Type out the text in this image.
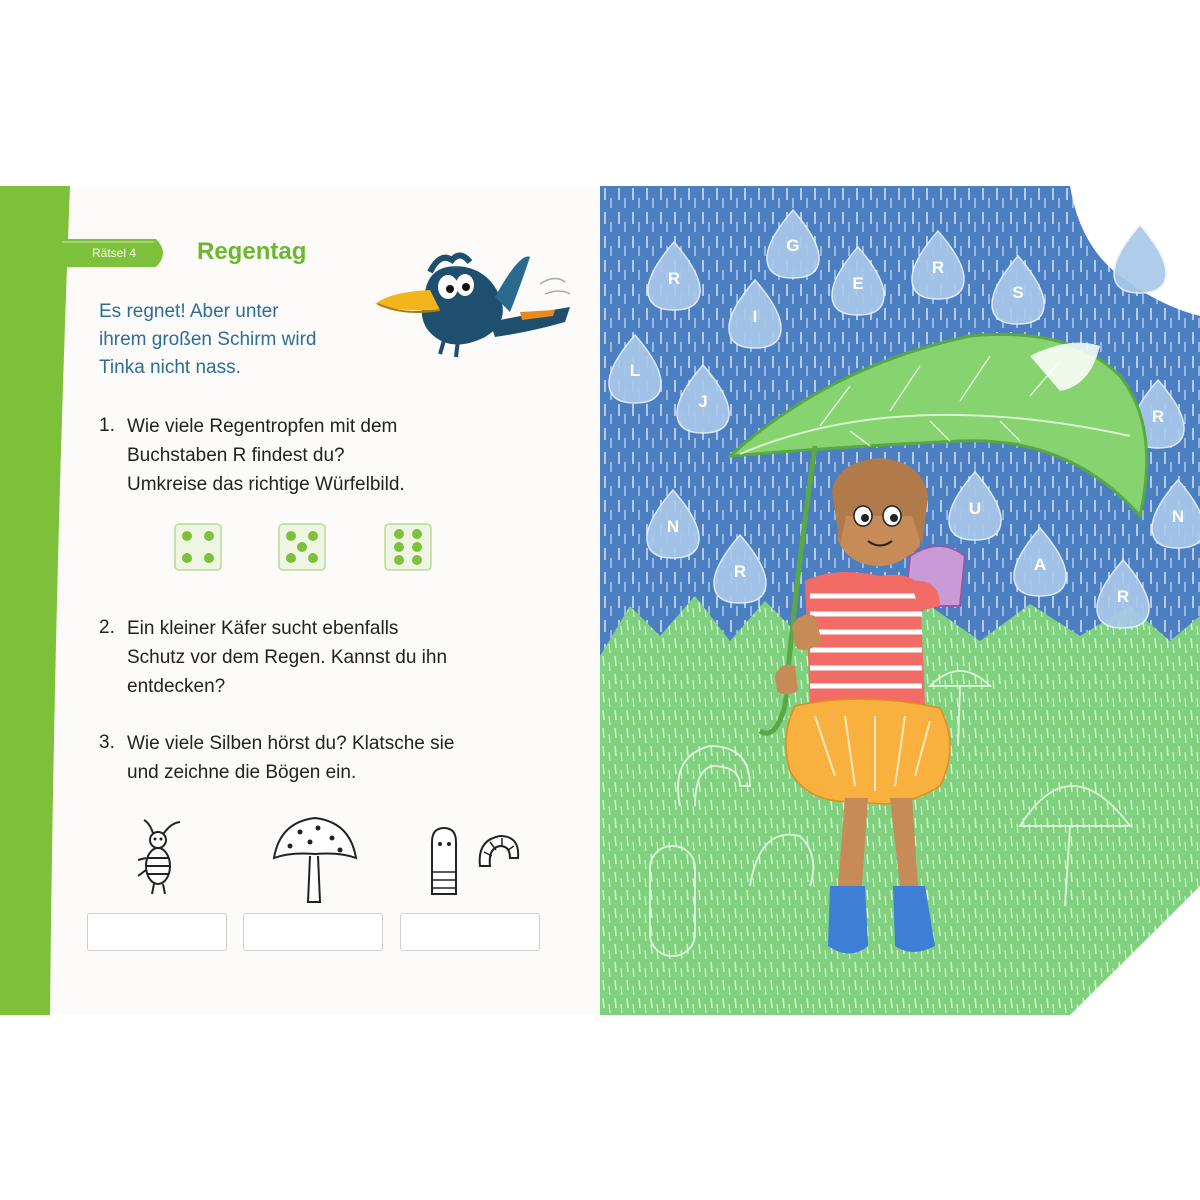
Rätsel 4	Regentag
Es regnet! Aber unter
ihrem großen Schirm wird
Tinka nicht nass.
1. Wie viele Regentropfen mit dem
Buchstaben R findest du?
Umkreise das richtige Würfelbild.
2. Ein kleiner Käfer sucht ebenfalls
Schutz vor dem Regen. Kannst du ihn
entdecken?
3. Wie viele Silben hörst du? Klatsche sie
und zeichne die Bögen ein.
R
G
E
R
S
I
L
J
R
N
U	N
R	A
R
